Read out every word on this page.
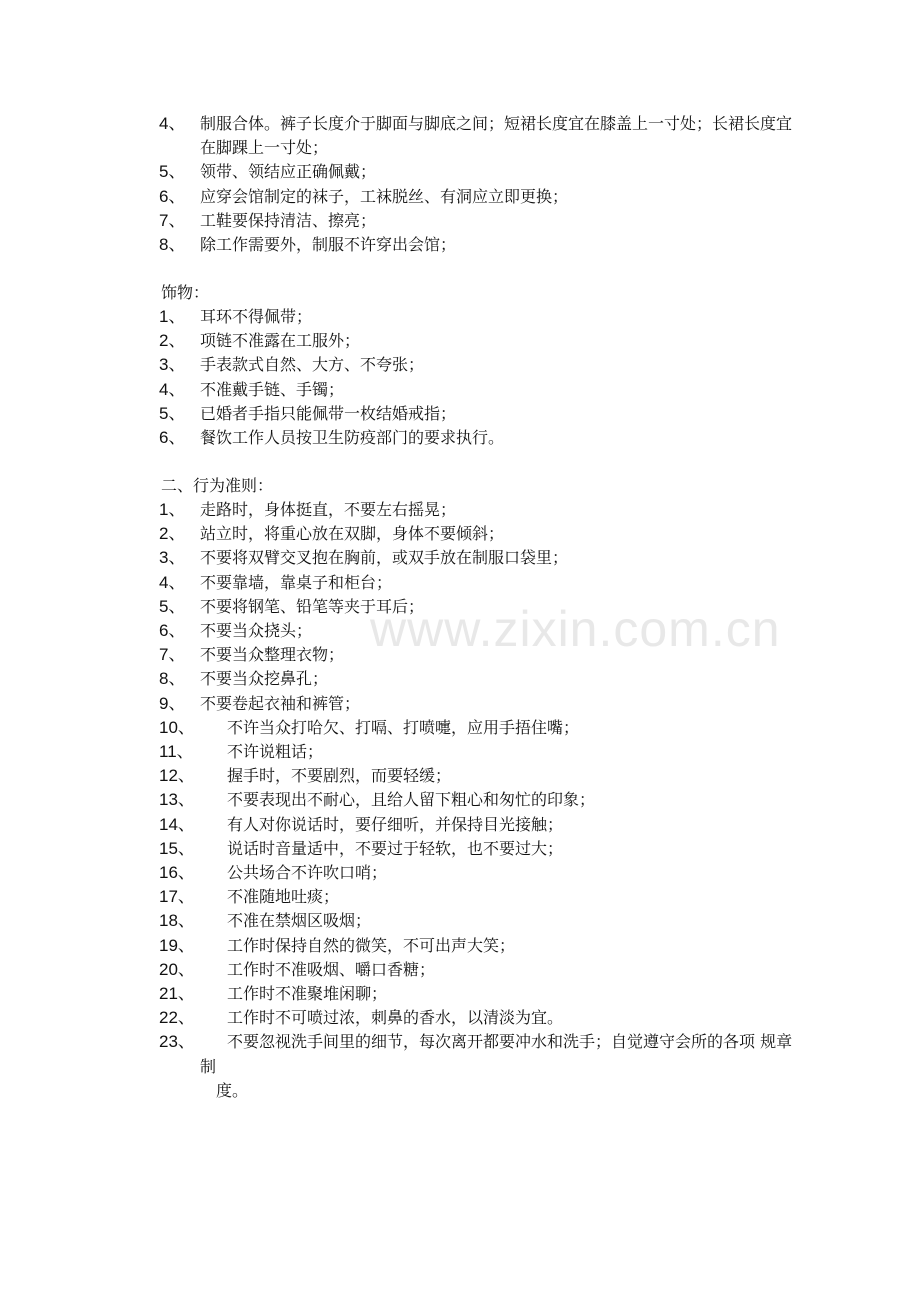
www.zixin.com.cn
4、 制服合体。裤子长度介于脚面与脚底之间；短裙长度宜在膝盖上一寸处；长裙长度宜
在脚踝上一寸处；
5、 领带、领结应正确佩戴；
6、 应穿会馆制定的袜子，工袜脱丝、有洞应立即更换；
7、 工鞋要保持清洁、擦亮；
8、 除工作需要外，制服不许穿出会馆；
饰物：
1、 耳环不得佩带；
2、 项链不准露在工服外；
3、 手表款式自然、大方、不夸张；
4、 不准戴手链、手镯；
5、 已婚者手指只能佩带一枚结婚戒指；
6、 餐饮工作人员按卫生防疫部门的要求执行。
二、行为准则：
1、 走路时，身体挺直，不要左右摇晃；
2、 站立时，将重心放在双脚，身体不要倾斜；
3、 不要将双臂交叉抱在胸前，或双手放在制服口袋里；
4、 不要靠墙，靠桌子和柜台；
5、 不要将钢笔、铅笔等夹于耳后；
6、 不要当众挠头；
7、 不要当众整理衣物；
8、 不要当众挖鼻孔；
9、 不要卷起衣袖和裤管；
10、 不许当众打哈欠、打嗝、打喷嚏，应用手捂住嘴；
11、 不许说粗话；
12、 握手时，不要剧烈，而要轻缓；
13、 不要表现出不耐心，且给人留下粗心和匆忙的印象；
14、 有人对你说话时，要仔细听，并保持目光接触；
15、 说话时音量适中，不要过于轻软，也不要过大；
16、 公共场合不许吹口哨；
17、 不准随地吐痰；
18、 不准在禁烟区吸烟；
19、 工作时保持自然的微笑，不可出声大笑；
20、 工作时不准吸烟、嚼口香糖；
21、 工作时不准聚堆闲聊；
22、 工作时不可喷过浓，刺鼻的香水，以清淡为宜。
23、 不要忽视洗手间里的细节，每次离开都要冲水和洗手；自觉遵守会所的各项 规章
制
度。
